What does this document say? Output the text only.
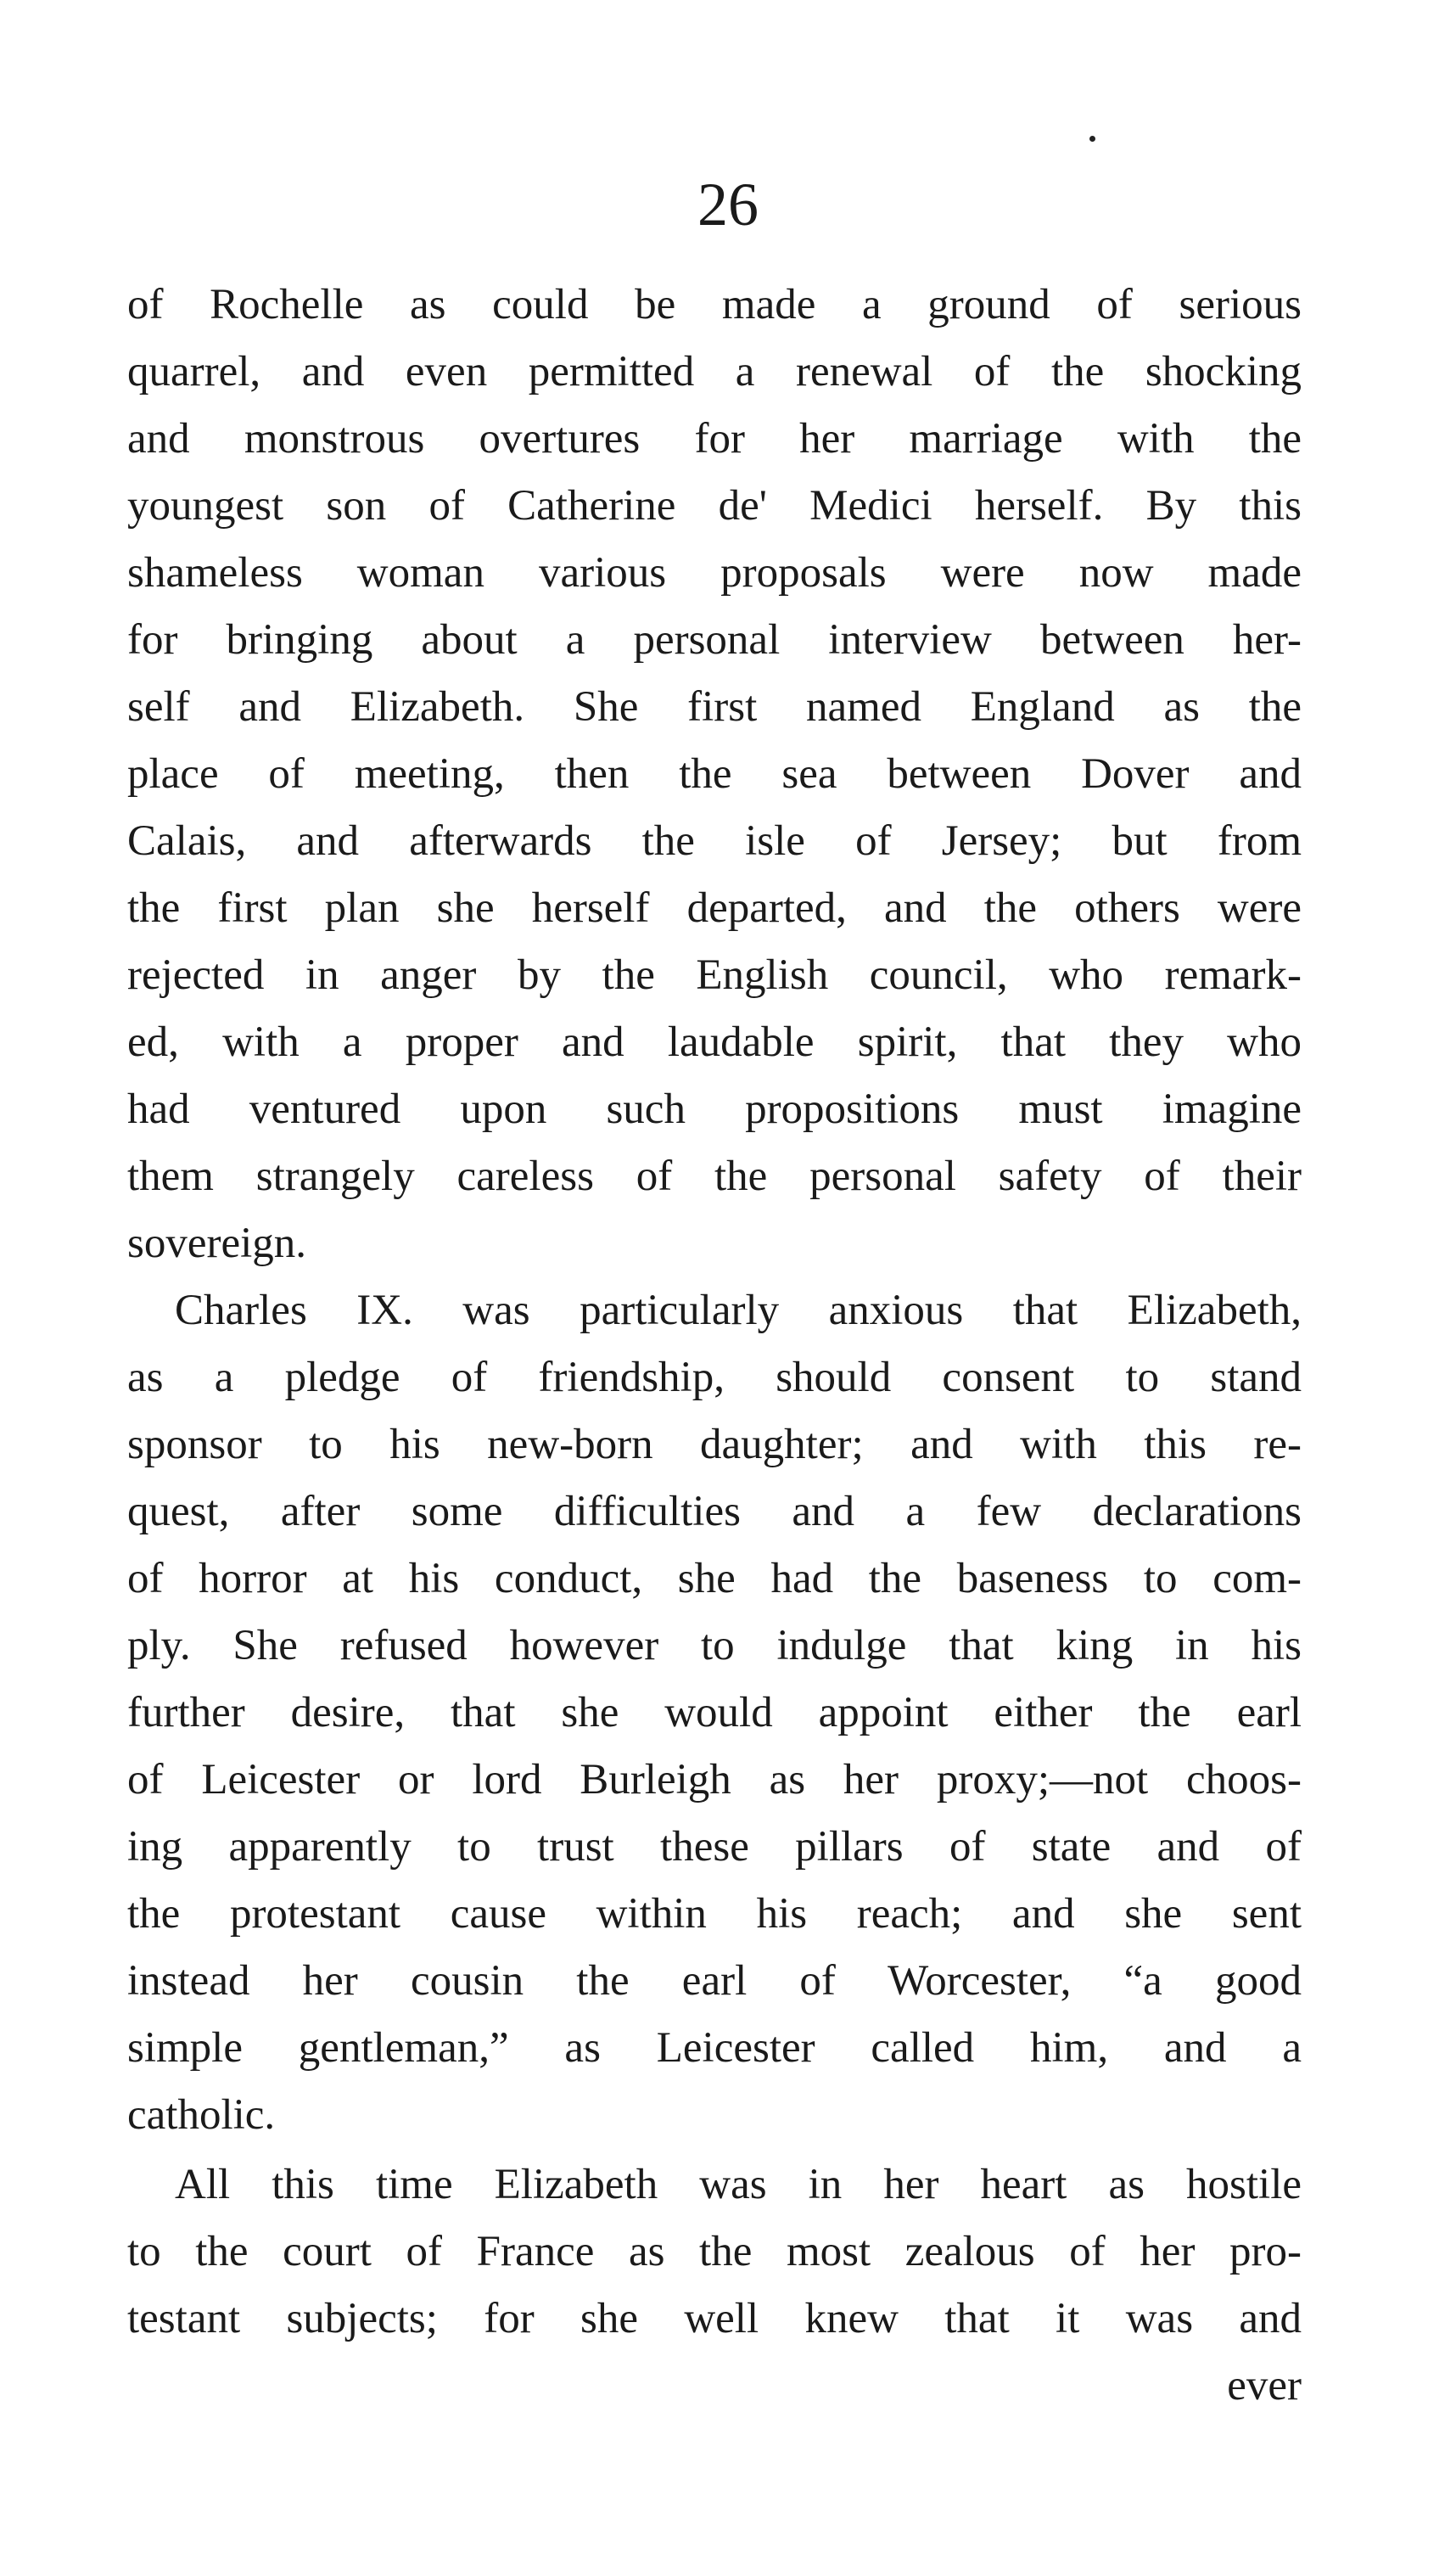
26
of Rochelle as could be made a ground of serious
quarrel, and even permitted a renewal of the shocking
and monstrous overtures for her marriage with the
youngest son of Catherine de' Medici herself. By this
shameless woman various proposals were now made
for bringing about a personal interview between her-
self and Elizabeth. She first named England as the
place of meeting, then the sea between Dover and
Calais, and afterwards the isle of Jersey; but from
the first plan she herself departed, and the others were
rejected in anger by the English council, who remark-
ed, with a proper and laudable spirit, that they who
had ventured upon such propositions must imagine
them strangely careless of the personal safety of their
sovereign.
Charles IX. was particularly anxious that Elizabeth,
as a pledge of friendship, should consent to stand
sponsor to his new-born daughter; and with this re-
quest, after some difficulties and a few declarations
of horror at his conduct, she had the baseness to com-
ply. She refused however to indulge that king in his
further desire, that she would appoint either the earl
of Leicester or lord Burleigh as her proxy;—not choos-
ing apparently to trust these pillars of state and of
the protestant cause within his reach; and she sent
instead her cousin the earl of Worcester, “a good
simple gentleman,” as Leicester called him, and a
catholic.
All this time Elizabeth was in her heart as hostile
to the court of France as the most zealous of her pro-
testant subjects; for she well knew that it was and
ever
